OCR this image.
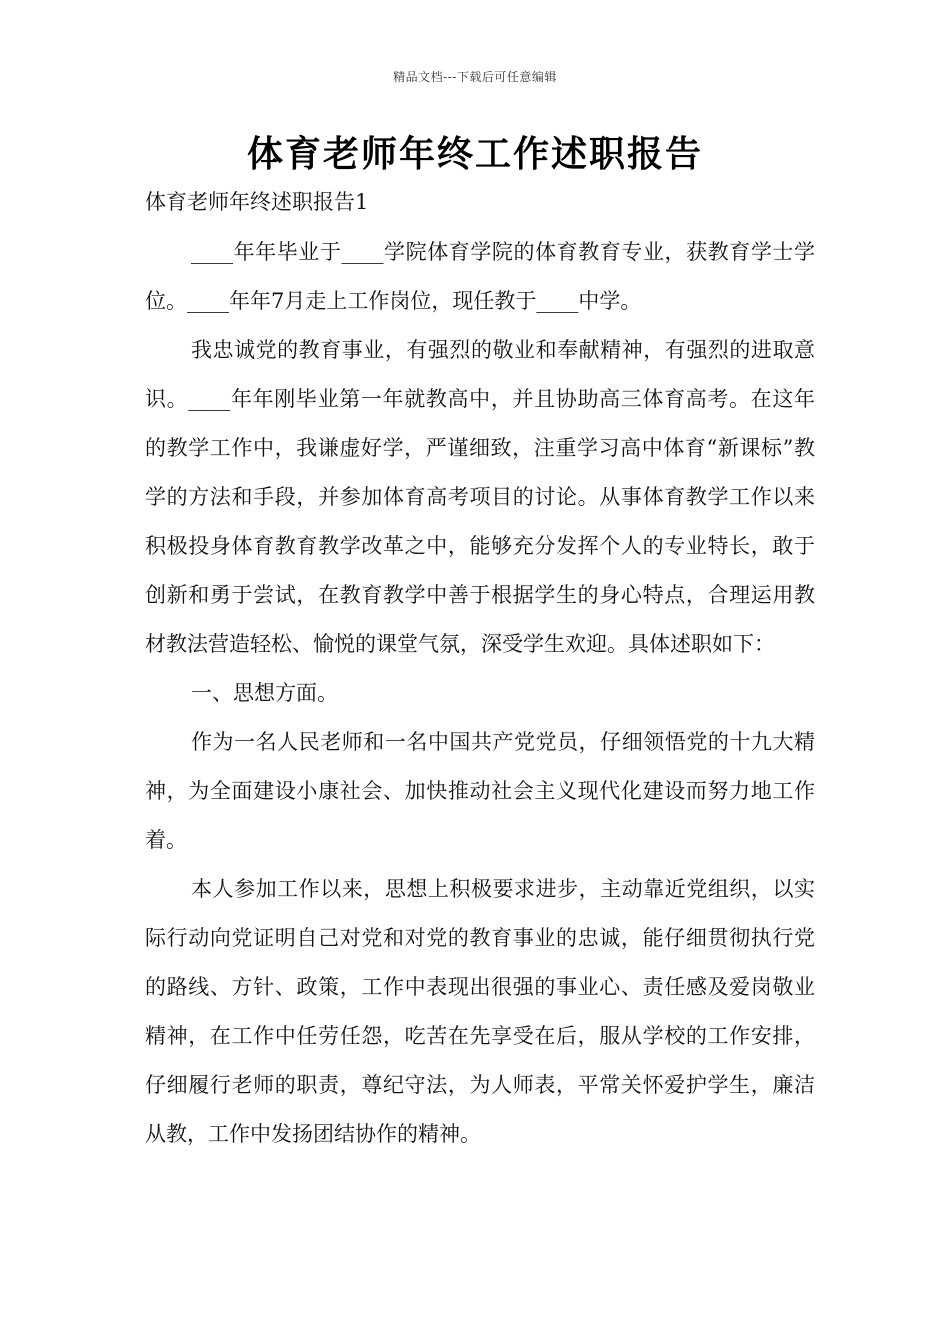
精品文档---下载后可任意编辑
体育老师年终工作述职报告
体育老师年终述职报告1

____年年毕业于____学院体育学院的体育教育专业，获教育学士学位。____年年7月走上工作岗位，现任教于____中学。

我忠诚党的教育事业，有强烈的敬业和奉献精神，有强烈的进取意识。____年年刚毕业第一年就教高中，并且协助高三体育高考。在这年的教学工作中，我谦虚好学，严谨细致，注重学习高中体育“新课标”教学的方法和手段，并参加体育高考项目的讨论。从事体育教学工作以来积极投身体育教育教学改革之中，能够充分发挥个人的专业特长，敢于创新和勇于尝试，在教育教学中善于根据学生的身心特点，合理运用教材教法营造轻松、愉悦的课堂气氛，深受学生欢迎。具体述职如下：

一、思想方面。

作为一名人民老师和一名中国共产党党员，仔细领悟党的十九大精神，为全面建设小康社会、加快推动社会主义现代化建设而努力地工作着。

本人参加工作以来，思想上积极要求进步，主动靠近党组织，以实际行动向党证明自己对党和对党的教育事业的忠诚，能仔细贯彻执行党的路线、方针、政策，工作中表现出很强的事业心、责任感及爱岗敬业精神，在工作中任劳任怨，吃苦在先享受在后，服从学校的工作安排，仔细履行老师的职责，尊纪守法，为人师表，平常关怀爱护学生，廉洁从教，工作中发扬团结协作的精神。
